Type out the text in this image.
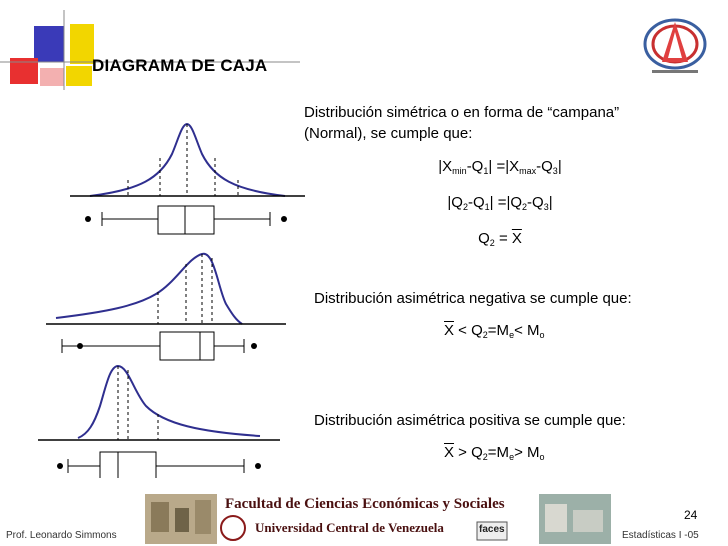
DIAGRAMA DE CAJA
Distribución simétrica o en forma de “campana”
(Normal), se cumple que:
$|X_{min}-Q_1| =|X_{max}-Q_3|$
$|Q_2-Q_1| =|Q_2-Q_3|$
$Q_2 = \overline{X}$
Distribución asimétrica negativa se cumple que:
$\overline{X} < Q_2=M_e< M_o$
Distribución asimétrica positiva se cumple que:
$\overline{X} > Q_2=M_e> M_o$
Facultad de Ciencias Económicas y Sociales
Universidad Central de Venezuela	faces
24
Prof. Leonardo Simmons	Estadísticas I -05
